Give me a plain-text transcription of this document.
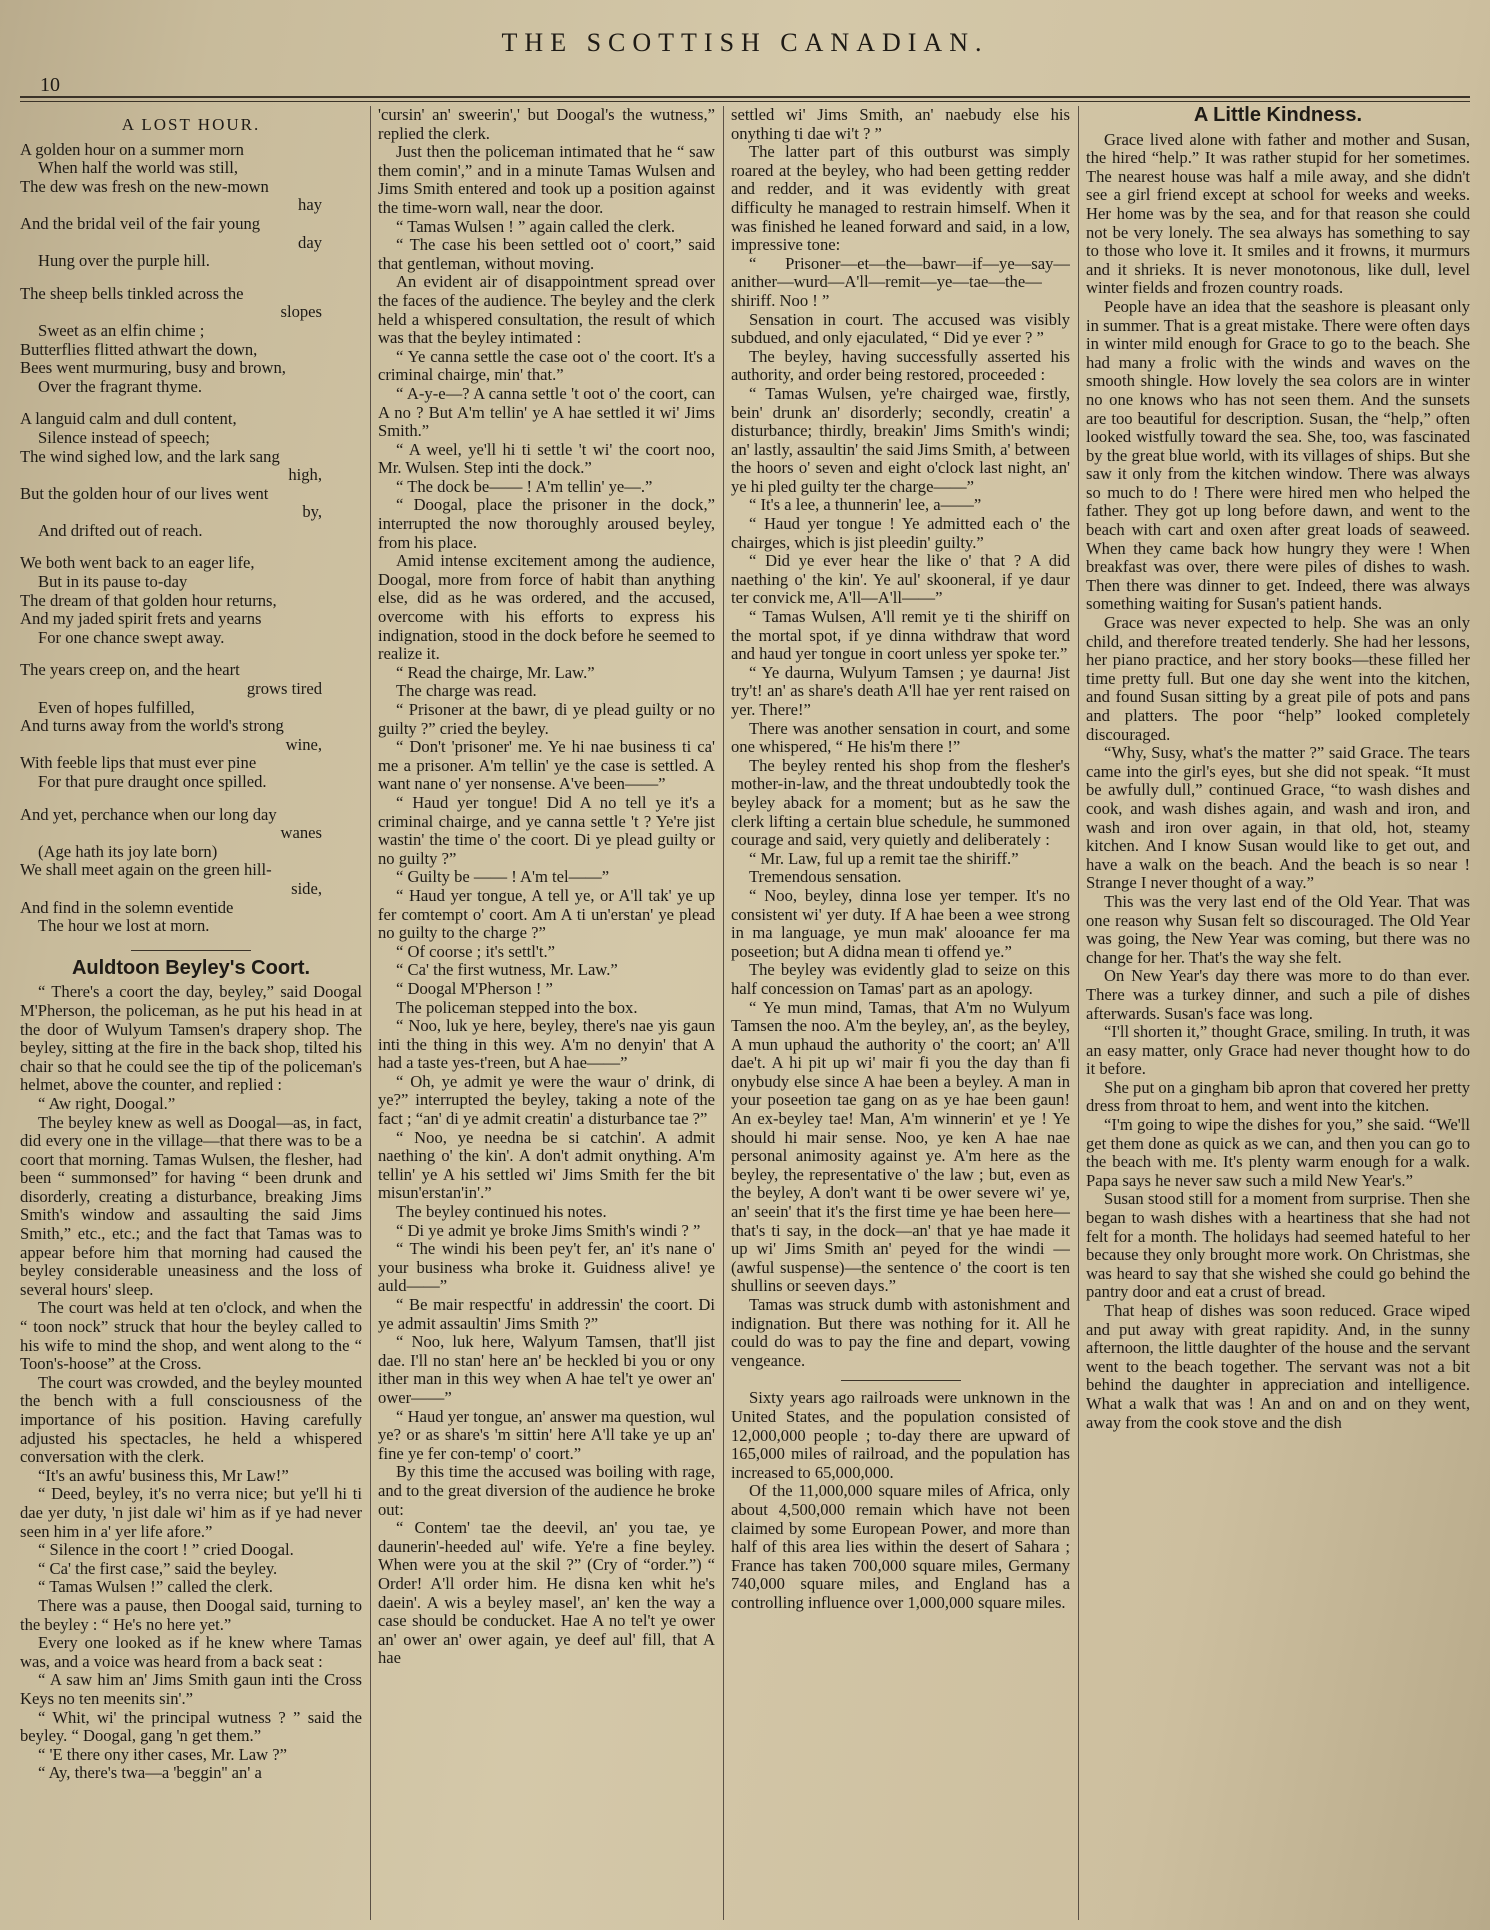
THE SCOTTISH CANADIAN.
10
A LOST HOUR.
A golden hour on a summer morn
When half the world was still,
The dew was fresh on the new-mown
hay
And the bridal veil of the fair young
day
Hung over the purple hill.
The sheep bells tinkled across the
slopes
Sweet as an elfin chime ;
Butterflies flitted athwart the down,
Bees went murmuring, busy and brown,
Over the fragrant thyme.
A languid calm and dull content,
Silence instead of speech;
The wind sighed low, and the lark sang
high,
But the golden hour of our lives went
by,
And drifted out of reach.
We both went back to an eager life,
But in its pause to-day
The dream of that golden hour returns,
And my jaded spirit frets and yearns
For one chance swept away.
The years creep on, and the heart
grows tired
Even of hopes fulfilled,
And turns away from the world's strong
wine,
With feeble lips that must ever pine
For that pure draught once spilled.
And yet, perchance when our long day
wanes
(Age hath its joy late born)
We shall meet again on the green hill-
side,
And find in the solemn eventide
The hour we lost at morn.
Auldtoon Beyley's Coort.

“ There's a coort the day, beyley,” said Doogal M'Pherson, the policeman, as he put his head in at the door of Wulyum Tamsen's drapery shop. The beyley, sitting at the fire in the back shop, tilted his chair so that he could see the tip of the policeman's helmet, above the counter, and replied :

“ Aw right, Doogal.”

The beyley knew as well as Doogal—as, in fact, did every one in the village—that there was to be a coort that morning. Tamas Wulsen, the flesher, had been “ summonsed” for having “ been drunk and disorderly, creating a disturbance, breaking Jims Smith's window and assaulting the said Jims Smith,” etc., etc.; and the fact that Tamas was to appear before him that morning had caused the beyley considerable uneasiness and the loss of several hours' sleep.

The court was held at ten o'clock, and when the “ toon nock” struck that hour the beyley called to his wife to mind the shop, and went along to the “ Toon's-hoose” at the Cross.

The court was crowded, and the beyley mounted the bench with a full consciousness of the importance of his position. Having carefully adjusted his spectacles, he held a whispered conversation with the clerk.

“It's an awfu' business this, Mr Law!”

“ Deed, beyley, it's no verra nice; but ye'll hi ti dae yer duty, 'n jist dale wi' him as if ye had never seen him in a' yer life afore.”

“ Silence in the coort ! ” cried Doogal.

“ Ca' the first case,” said the beyley.

“ Tamas Wulsen !” called the clerk.

There was a pause, then Doogal said, turning to the beyley : “ He's no here yet.”

Every one looked as if he knew where Tamas was, and a voice was heard from a back seat :

“ A saw him an' Jims Smith gaun inti the Cross Keys no ten meenits sin'.”

“ Whit, wi' the principal wutness ? ” said the beyley. “ Doogal, gang 'n get them.”

“ 'E there ony ither cases, Mr. Law ?”

“ Ay, there's twa—a 'beggin'' an' a

'cursin' an' sweerin',' but Doogal's the wutness,” replied the clerk.

Just then the policeman intimated that he “ saw them comin',” and in a minute Tamas Wulsen and Jims Smith entered and took up a position against the time-worn wall, near the door.

“ Tamas Wulsen ! ” again called the clerk.

“ The case his been settled oot o' coort,” said that gentleman, without moving.

An evident air of disappointment spread over the faces of the audience. The beyley and the clerk held a whispered consultation, the result of which was that the beyley intimated :

“ Ye canna settle the case oot o' the coort. It's a criminal chairge, min' that.”

“ A-y-e—? A canna settle 't oot o' the coort, can A no ? But A'm tellin' ye A hae settled it wi' Jims Smith.”

“ A weel, ye'll hi ti settle 't wi' the coort noo, Mr. Wulsen. Step inti the dock.”

“ The dock be—— ! A'm tellin' ye—.”

“ Doogal, place the prisoner in the dock,” interrupted the now thoroughly aroused beyley, from his place.

Amid intense excitement among the audience, Doogal, more from force of habit than anything else, did as he was ordered, and the accused, overcome with his efforts to express his indignation, stood in the dock before he seemed to realize it.

“ Read the chairge, Mr. Law.”

The charge was read.

“ Prisoner at the bawr, di ye plead guilty or no guilty ?” cried the beyley.

“ Don't 'prisoner' me. Ye hi nae business ti ca' me a prisoner. A'm tellin' ye the case is settled. A want nane o' yer nonsense. A've been——”

“ Haud yer tongue! Did A no tell ye it's a criminal chairge, and ye canna settle 't ? Ye're jist wastin' the time o' the coort. Di ye plead guilty or no guilty ?”

“ Guilty be —— ! A'm tel——”

“ Haud yer tongue, A tell ye, or A'll tak' ye up fer comtempt o' coort. Am A ti un'erstan' ye plead no guilty to the charge ?”

“ Of coorse ; it's settl't.”

“ Ca' the first wutness, Mr. Law.”

“ Doogal M'Pherson ! ”

The policeman stepped into the box.

“ Noo, luk ye here, beyley, there's nae yis gaun inti the thing in this wey. A'm no denyin' that A had a taste yes-t'reen, but A hae——”

“ Oh, ye admit ye were the waur o' drink, di ye?” interrupted the beyley, taking a note of the fact ; “an' di ye admit creatin' a disturbance tae ?”

“ Noo, ye needna be si catchin'. A admit naething o' the kin'. A don't admit onything. A'm tellin' ye A his settled wi' Jims Smith fer the bit misun'erstan'in'.”

The beyley continued his notes.

“ Di ye admit ye broke Jims Smith's windi ? ”

“ The windi his been pey't fer, an' it's nane o' your business wha broke it. Guidness alive! ye auld——”

“ Be mair respectfu' in addressin' the coort. Di ye admit assaultin' Jims Smith ?”

“ Noo, luk here, Walyum Tamsen, that'll jist dae. I'll no stan' here an' be heckled bi you or ony ither man in this wey when A hae tel't ye ower an' ower——”

“ Haud yer tongue, an' answer ma question, wul ye? or as share's 'm sittin' here A'll take ye up an' fine ye fer con-temp' o' coort.”

By this time the accused was boiling with rage, and to the great diversion of the audience he broke out:

“ Contem' tae the deevil, an' you tae, ye daunerin'-heeded aul' wife. Ye're a fine beyley. When were you at the skil ?” (Cry of “order.”) “ Order! A'll order him. He disna ken whit he's daein'. A wis a beyley masel', an' ken the way a case should be conducket. Hae A no tel't ye ower an' ower an' ower again, ye deef aul' fill, that A hae

settled wi' Jims Smith, an' naebudy else his onything ti dae wi't ? ”

The latter part of this outburst was simply roared at the beyley, who had been getting redder and redder, and it was evidently with great difficulty he managed to restrain himself. When it was finished he leaned forward and said, in a low, impressive tone:

“ Prisoner—et—the—bawr—if—ye—say—anither—wurd—A'll—remit—ye—tae—the—shiriff. Noo ! ”

Sensation in court. The accused was visibly subdued, and only ejaculated, “ Did ye ever ? ”

The beyley, having successfully asserted his authority, and order being restored, proceeded :

“ Tamas Wulsen, ye're chairged wae, firstly, bein' drunk an' disorderly; secondly, creatin' a disturbance; thirdly, breakin' Jims Smith's windi; an' lastly, assaultin' the said Jims Smith, a' between the hoors o' seven and eight o'clock last night, an' ye hi pled guilty ter the charge——”

“ It's a lee, a thunnerin' lee, a——”

“ Haud yer tongue ! Ye admitted each o' the chairges, which is jist pleedin' guilty.”

“ Did ye ever hear the like o' that ? A did naething o' the kin'. Ye aul' skooneral, if ye daur ter convick me, A'll—A'll——”

“ Tamas Wulsen, A'll remit ye ti the shiriff on the mortal spot, if ye dinna withdraw that word and haud yer tongue in coort unless yer spoke ter.”

“ Ye daurna, Wulyum Tamsen ; ye daurna! Jist try't! an' as share's death A'll hae yer rent raised on yer. There!”

There was another sensation in court, and some one whispered, “ He his'm there !”

The beyley rented his shop from the flesher's mother-in-law, and the threat undoubtedly took the beyley aback for a moment; but as he saw the clerk lifting a certain blue schedule, he summoned courage and said, very quietly and deliberately :

“ Mr. Law, ful up a remit tae the shiriff.”

Tremendous sensation.

“ Noo, beyley, dinna lose yer temper. It's no consistent wi' yer duty. If A hae been a wee strong in ma language, ye mun mak' alooance fer ma poseetion; but A didna mean ti offend ye.”

The beyley was evidently glad to seize on this half concession on Tamas' part as an apology.

“ Ye mun mind, Tamas, that A'm no Wulyum Tamsen the noo. A'm the beyley, an', as the beyley, A mun uphaud the authority o' the coort; an' A'll dae't. A hi pit up wi' mair fi you the day than fi onybudy else since A hae been a beyley. A man in your poseetion tae gang on as ye hae been gaun! An ex-beyley tae! Man, A'm winnerin' et ye ! Ye should hi mair sense. Noo, ye ken A hae nae personal animosity against ye. A'm here as the beyley, the representative o' the law ; but, even as the beyley, A don't want ti be ower severe wi' ye, an' seein' that it's the first time ye hae been here—that's ti say, in the dock—an' that ye hae made it up wi' Jims Smith an' peyed for the windi —(awful suspense)—the sentence o' the coort is ten shullins or seeven days.”

Tamas was struck dumb with astonishment and indignation. But there was nothing for it. All he could do was to pay the fine and depart, vowing vengeance.

Sixty years ago railroads were unknown in the United States, and the population consisted of 12,000,000 people ; to-day there are upward of 165,000 miles of railroad, and the population has increased to 65,000,000.

Of the 11,000,000 square miles of Africa, only about 4,500,000 remain which have not been claimed by some European Power, and more than half of this area lies within the desert of Sahara ; France has taken 700,000 square miles, Germany 740,000 square miles, and England has a controlling influence over 1,000,000 square miles.

A Little Kindness.

Grace lived alone with father and mother and Susan, the hired “help.” It was rather stupid for her sometimes. The nearest house was half a mile away, and she didn't see a girl friend except at school for weeks and weeks. Her home was by the sea, and for that reason she could not be very lonely. The sea always has something to say to those who love it. It smiles and it frowns, it murmurs and it shrieks. It is never monotonous, like dull, level winter fields and frozen country roads.

People have an idea that the seashore is pleasant only in summer. That is a great mistake. There were often days in winter mild enough for Grace to go to the beach. She had many a frolic with the winds and waves on the smooth shingle. How lovely the sea colors are in winter no one knows who has not seen them. And the sunsets are too beautiful for description. Susan, the “help,” often looked wistfully toward the sea. She, too, was fascinated by the great blue world, with its villages of ships. But she saw it only from the kitchen window. There was always so much to do ! There were hired men who helped the father. They got up long before dawn, and went to the beach with cart and oxen after great loads of seaweed. When they came back how hungry they were ! When breakfast was over, there were piles of dishes to wash. Then there was dinner to get. Indeed, there was always something waiting for Susan's patient hands.

Grace was never expected to help. She was an only child, and therefore treated tenderly. She had her lessons, her piano practice, and her story books—these filled her time pretty full. But one day she went into the kitchen, and found Susan sitting by a great pile of pots and pans and platters. The poor “help” looked completely discouraged.

“Why, Susy, what's the matter ?” said Grace. The tears came into the girl's eyes, but she did not speak. “It must be awfully dull,” continued Grace, “to wash dishes and cook, and wash dishes again, and wash and iron, and wash and iron over again, in that old, hot, steamy kitchen. And I know Susan would like to get out, and have a walk on the beach. And the beach is so near ! Strange I never thought of a way.”

This was the very last end of the Old Year. That was one reason why Susan felt so discouraged. The Old Year was going, the New Year was coming, but there was no change for her. That's the way she felt.

On New Year's day there was more to do than ever. There was a turkey dinner, and such a pile of dishes afterwards. Susan's face was long.

“I'll shorten it,” thought Grace, smiling. In truth, it was an easy matter, only Grace had never thought how to do it before.

She put on a gingham bib apron that covered her pretty dress from throat to hem, and went into the kitchen.

“I'm going to wipe the dishes for you,” she said. “We'll get them done as quick as we can, and then you can go to the beach with me. It's plenty warm enough for a walk. Papa says he never saw such a mild New Year's.”

Susan stood still for a moment from surprise. Then she began to wash dishes with a heartiness that she had not felt for a month. The holidays had seemed hateful to her because they only brought more work. On Christmas, she was heard to say that she wished she could go behind the pantry door and eat a crust of bread.

That heap of dishes was soon reduced. Grace wiped and put away with great rapidity. And, in the sunny afternoon, the little daughter of the house and the servant went to the beach together. The servant was not a bit behind the daughter in appreciation and intelligence. What a walk that was ! An and on and on they went, away from the cook stove and the dish
